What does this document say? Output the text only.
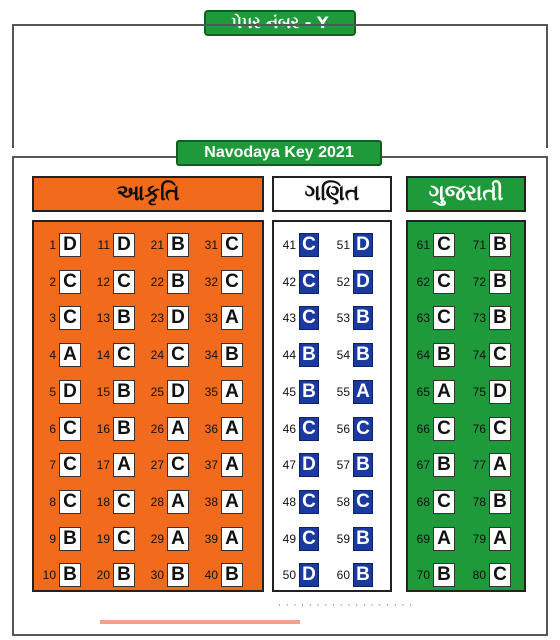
પેપર નંબર - Y
Navodaya Key 2021
આકૃતિ	ગણિત	ગુજરાતી
1 D
2 C
3 C
4 A
5 D
6 C
7 C
8 C
9 B
10 B
11 D
12 C
13 B
14 C
15 B
16 B
17 A
18 C
19 C
20 B
21 B
22 B
23 D
24 C
25 D
26 A
27 C
28 A
29 A
30 B
31 C
32 C
33 A
34 B
35 A
36 A
37 A
38 A
39 A
40 B
41 C
42 C
43 C
44 B
45 B
46 C
47 D
48 C
49 C
50 D
51 D
52 D
53 B
54 B
55 A
56 C
57 B
58 C
59 B
60 B
61 C
62 C
63 C
64 B
65 A
66 C
67 B
68 C
69 A
70 B
71 B
72 B
73 B
74 C
75 D
76 C
77 A
78 B
79 A
80 C
· · · · · · · · · · · · · · · · · ·
